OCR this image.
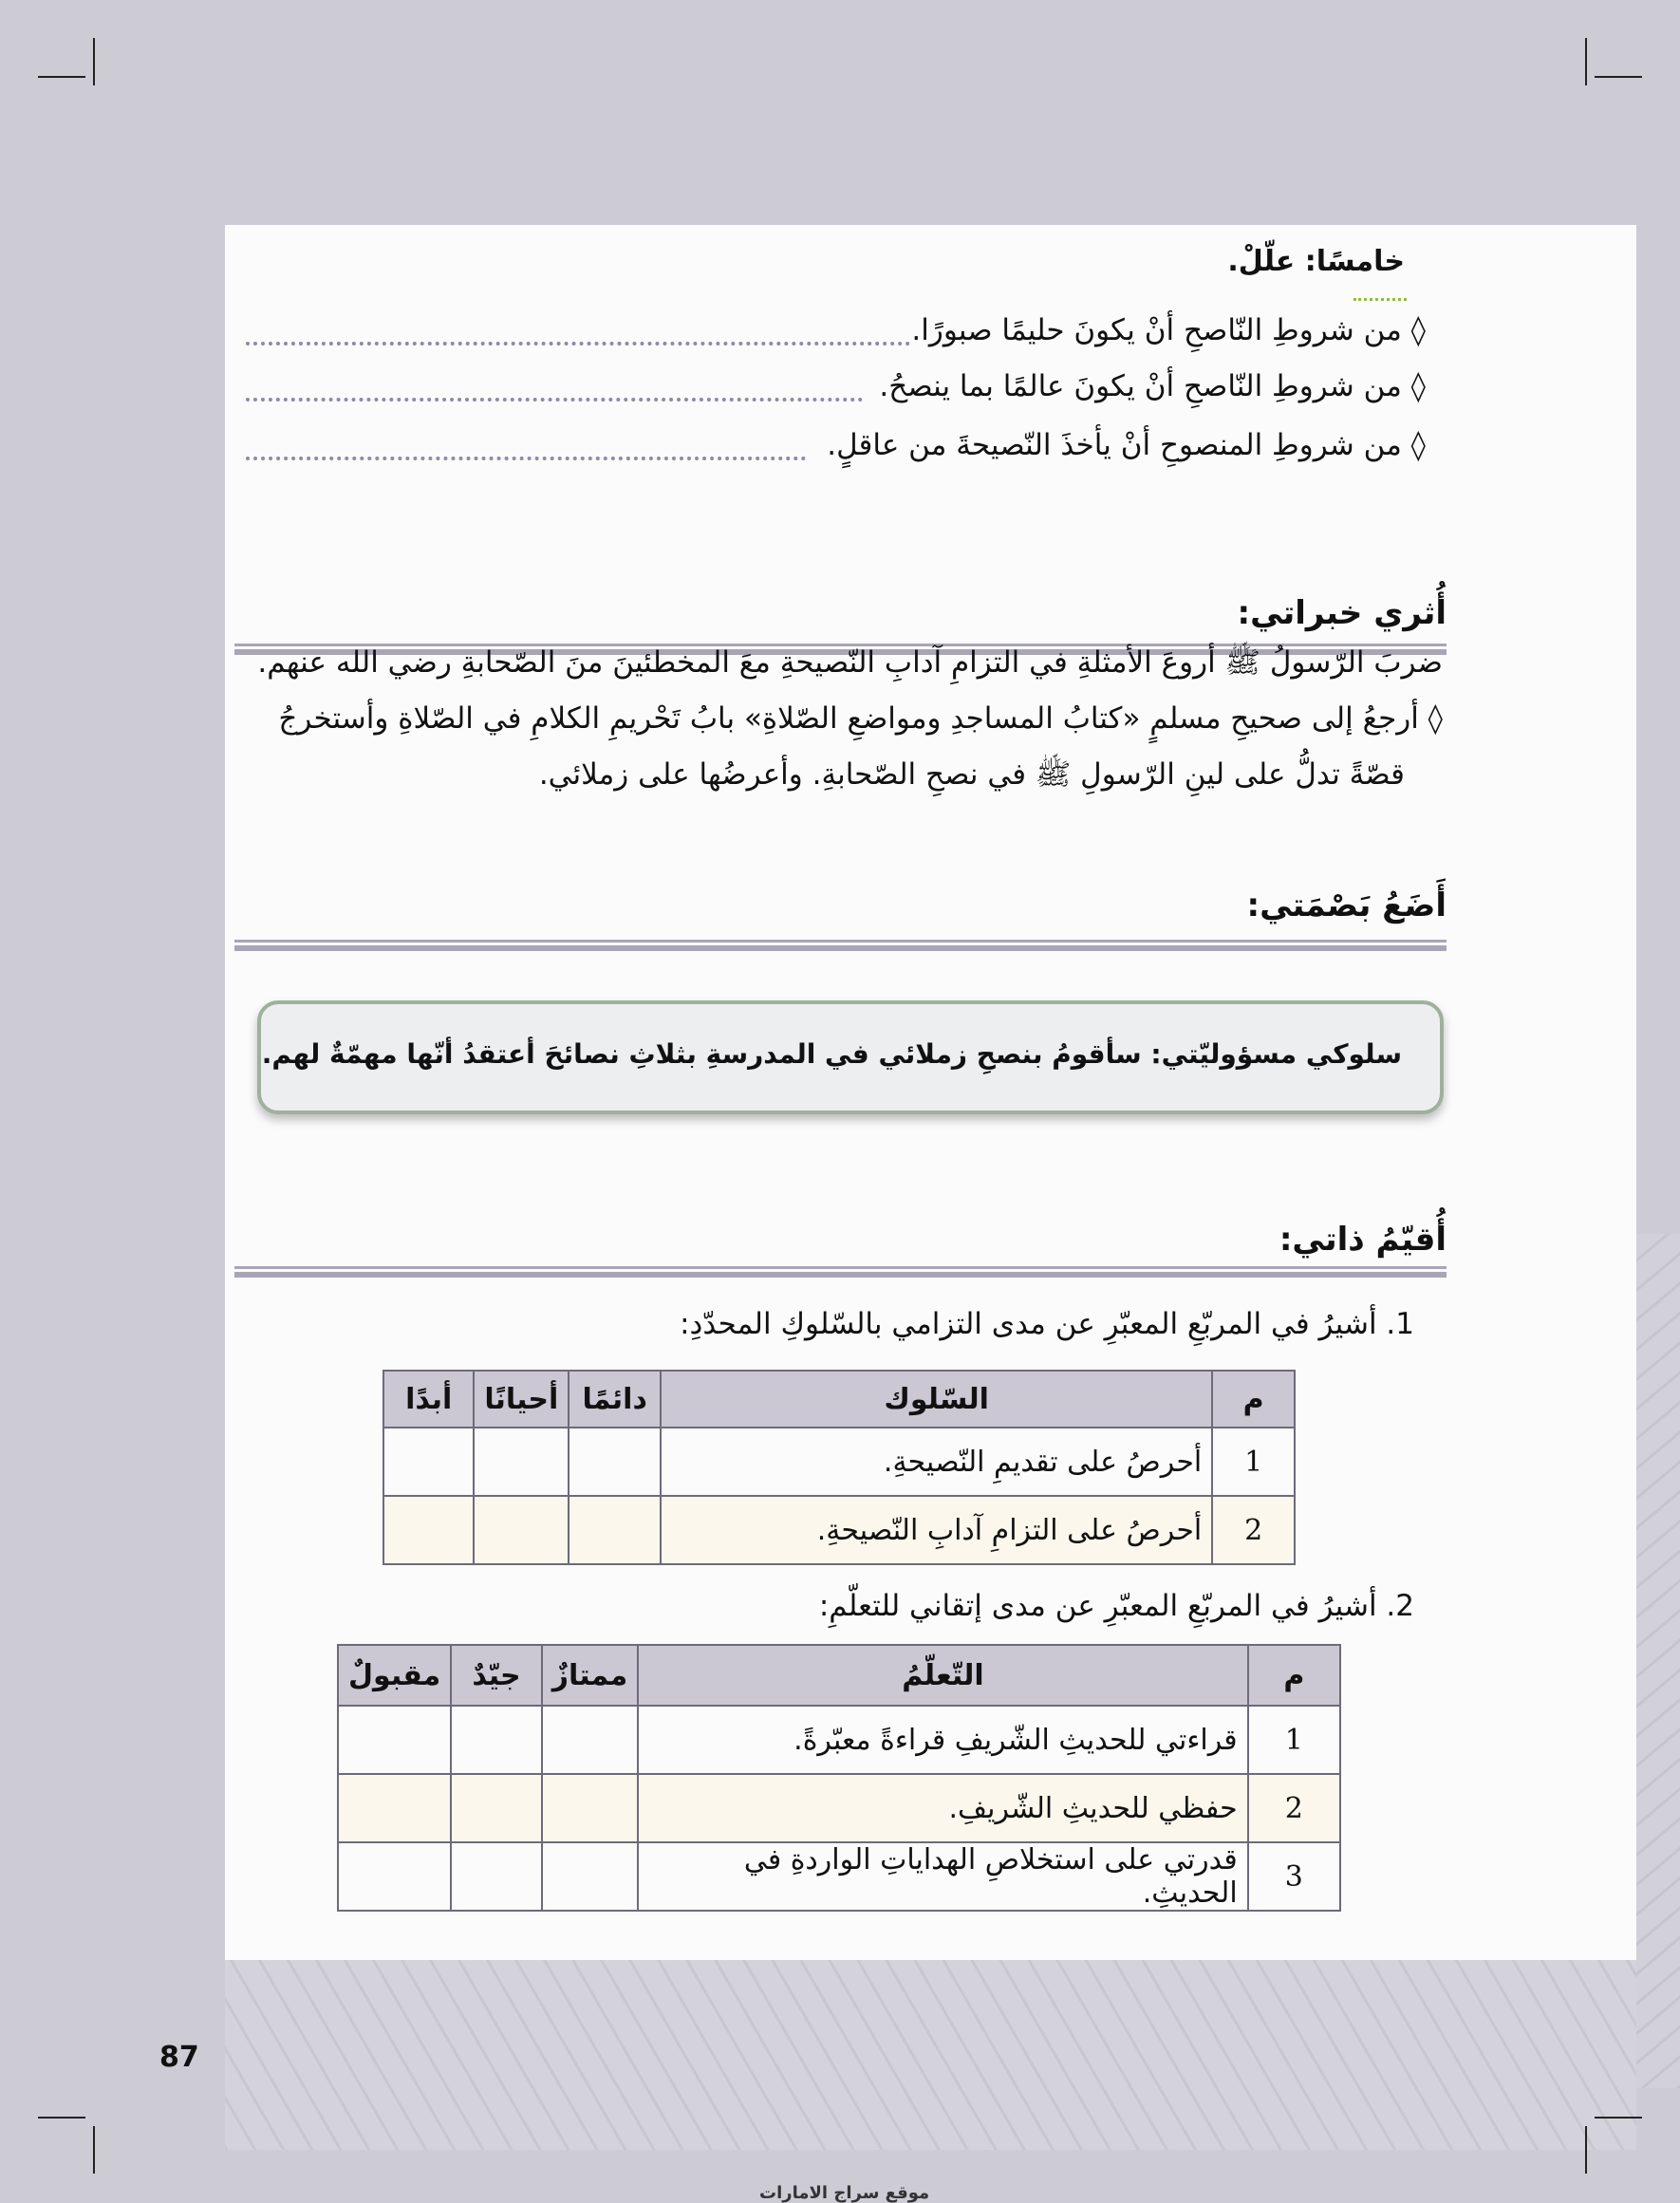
خامسًا: علّلْ.
◊ من شروطِ النّاصحِ أنْ يكونَ حليمًا صبورًا.
◊ من شروطِ النّاصحِ أنْ يكونَ عالمًا بما ينصحُ.
◊ من شروطِ المنصوحِ أنْ يأخذَ النّصيحةَ من عاقلٍ.
أُثري خبراتي:
ضربَ الرّسولُ ﷺ أروعَ الأمثلةِ في التزامِ آدابِ النّصيحةِ معَ المخطئينَ منَ الصّحابةِ رضي الله عنهم.
◊ أرجعُ إلى صحيحِ مسلمٍ «كتابُ المساجدِ ومواضعِ الصّلاةِ» بابُ تَحْريمِ الكلامِ في الصّلاةِ وأستخرجُ
قصّةً تدلُّ على لينِ الرّسولِ ﷺ في نصحِ الصّحابةِ. وأعرضُها على زملائي.
أَضَعُ بَصْمَتي:
سلوكي مسؤوليّتي: سأقومُ بنصحِ زملائي في المدرسةِ بثلاثِ نصائحَ أعتقدُ أنّها مهمّةٌ لهم.
أُقيّمُ ذاتي:
1. أشيرُ في المربّعِ المعبّرِ عن مدى التزامي بالسّلوكِ المحدّدِ:
م	السّلوك	دائمًا	أحيانًا	أبدًا
1	أحرصُ على تقديمِ النّصيحةِ.			
2	أحرصُ على التزامِ آدابِ النّصيحةِ.			
2. أشيرُ في المربّعِ المعبّرِ عن مدى إتقاني للتعلّمِ:
م	التّعلّمُ	ممتازٌ	جيّدٌ	مقبولٌ
1	قراءتي للحديثِ الشّريفِ قراءةً معبّرةً.			
2	حفظي للحديثِ الشّريفِ.			
3	قدرتي على استخلاصِ الهداياتِ الواردةِ في الحديثِ.			
87
موقع سراج الامارات
